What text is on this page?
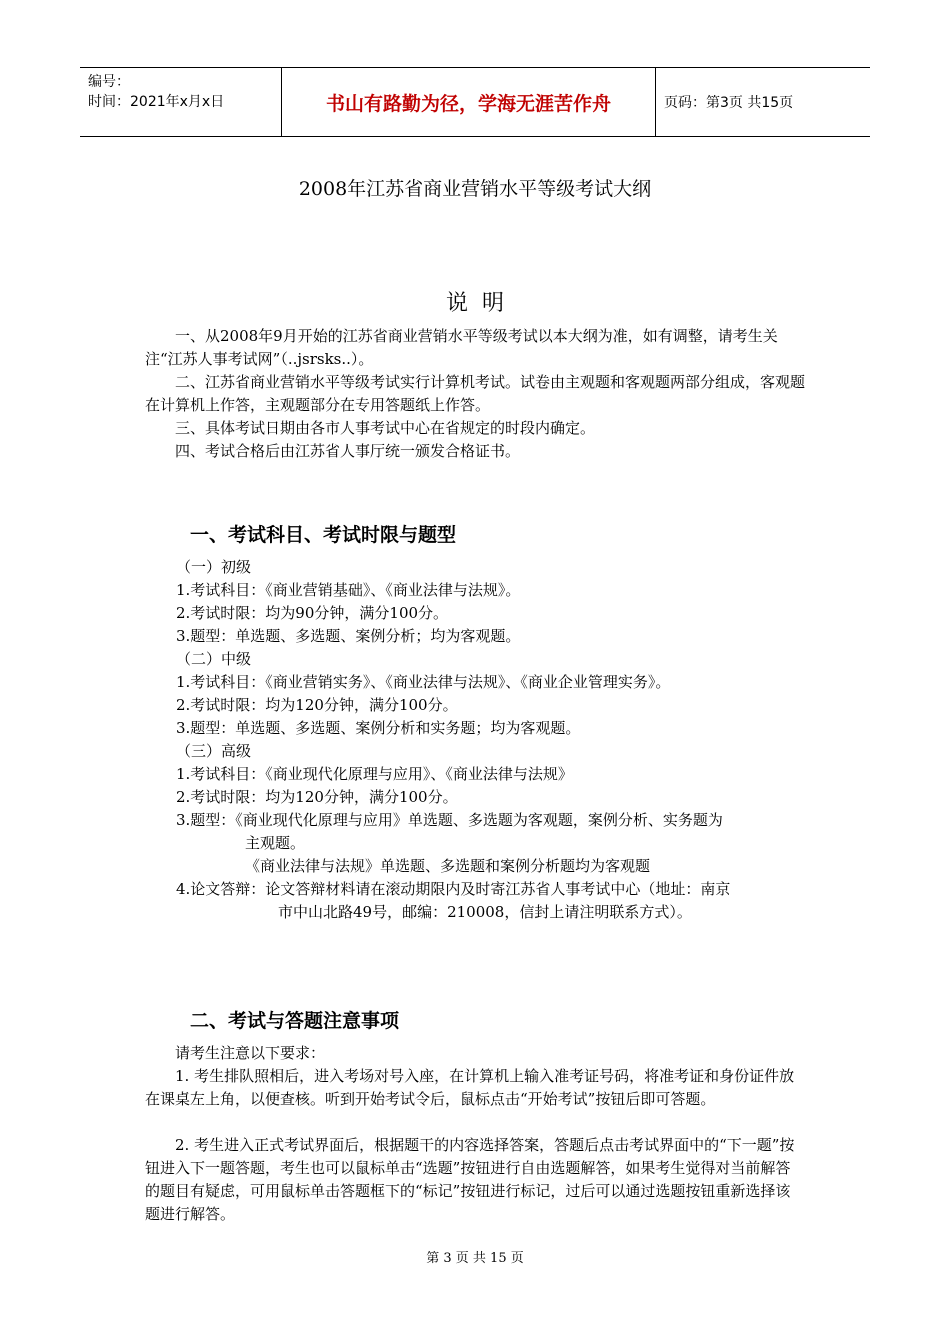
编号：
时间：2021年x月x日	书山有路勤为径，学海无涯苦作舟	页码：第3页 共15页
2008年江苏省商业营销水平等级考试大纲
说  明
一、从2008年9月开始的江苏省商业营销水平等级考试以本大纲为准，如有调整，请考生关注“江苏人事考试网”（..jsrsks..）。
二、江苏省商业营销水平等级考试实行计算机考试。试卷由主观题和客观题两部分组成，客观题在计算机上作答，主观题部分在专用答题纸上作答。
三、具体考试日期由各市人事考试中心在省规定的时段内确定。
四、考试合格后由江苏省人事厅统一颁发合格证书。
一、考试科目、考试时限与题型
（一）初级
1.考试科目：《商业营销基础》、《商业法律与法规》。
2.考试时限：均为90分钟，满分100分。
3.题型：单选题、多选题、案例分析；均为客观题。
（二）中级
1.考试科目：《商业营销实务》、《商业法律与法规》、《商业企业管理实务》。
2.考试时限：均为120分钟，满分100分。
3.题型：单选题、多选题、案例分析和实务题；均为客观题。
（三）高级
1.考试科目：《商业现代化原理与应用》、《商业法律与法规》
2.考试时限：均为120分钟，满分100分。
3.题型：《商业现代化原理与应用》单选题、多选题为客观题，案例分析、实务题为
主观题。
《商业法律与法规》单选题、多选题和案例分析题均为客观题
4.论文答辩：论文答辩材料请在滚动期限内及时寄江苏省人事考试中心（地址：南京
市中山北路49号，邮编：210008，信封上请注明联系方式）。
二、考试与答题注意事项
请考生注意以下要求：
1. 考生排队照相后，进入考场对号入座，在计算机上输入准考证号码，将准考证和身份证件放在课桌左上角，以便查核。听到开始考试令后，鼠标点击“开始考试”按钮后即可答题。
2. 考生进入正式考试界面后，根据题干的内容选择答案，答题后点击考试界面中的“下一题”按钮进入下一题答题，考生也可以鼠标单击“选题”按钮进行自由选题解答，如果考生觉得对当前解答的题目有疑虑，可用鼠标单击答题框下的“标记”按钮进行标记，过后可以通过选题按钮重新选择该题进行解答。
第 3 页 共 15 页
